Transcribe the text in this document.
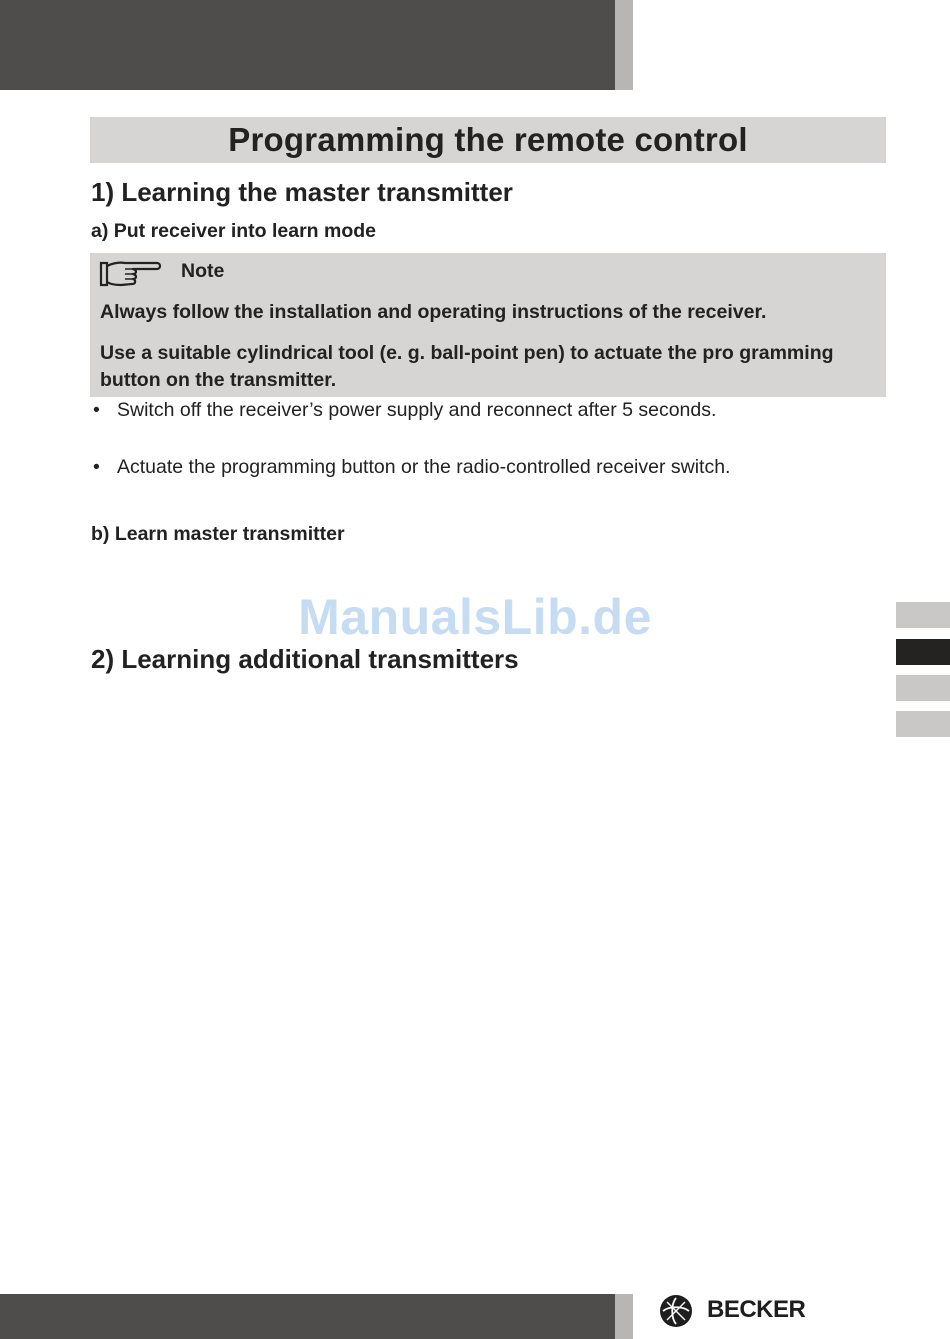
Programming the remote control
1) Learning the master transmitter
a) Put receiver into learn mode
Note

Always follow the installation and operating instructions of the receiver.

Use a suitable cylindrical tool (e. g. ball-point pen) to actuate the pro gramming button on the transmitter.

• Switch off the receiver’s power supply and reconnect after 5 seconds.
• Actuate the programming button or the radio-controlled receiver switch.
b) Learn master transmitter
ManualsLib.de
2) Learning additional transmitters
BECKER
